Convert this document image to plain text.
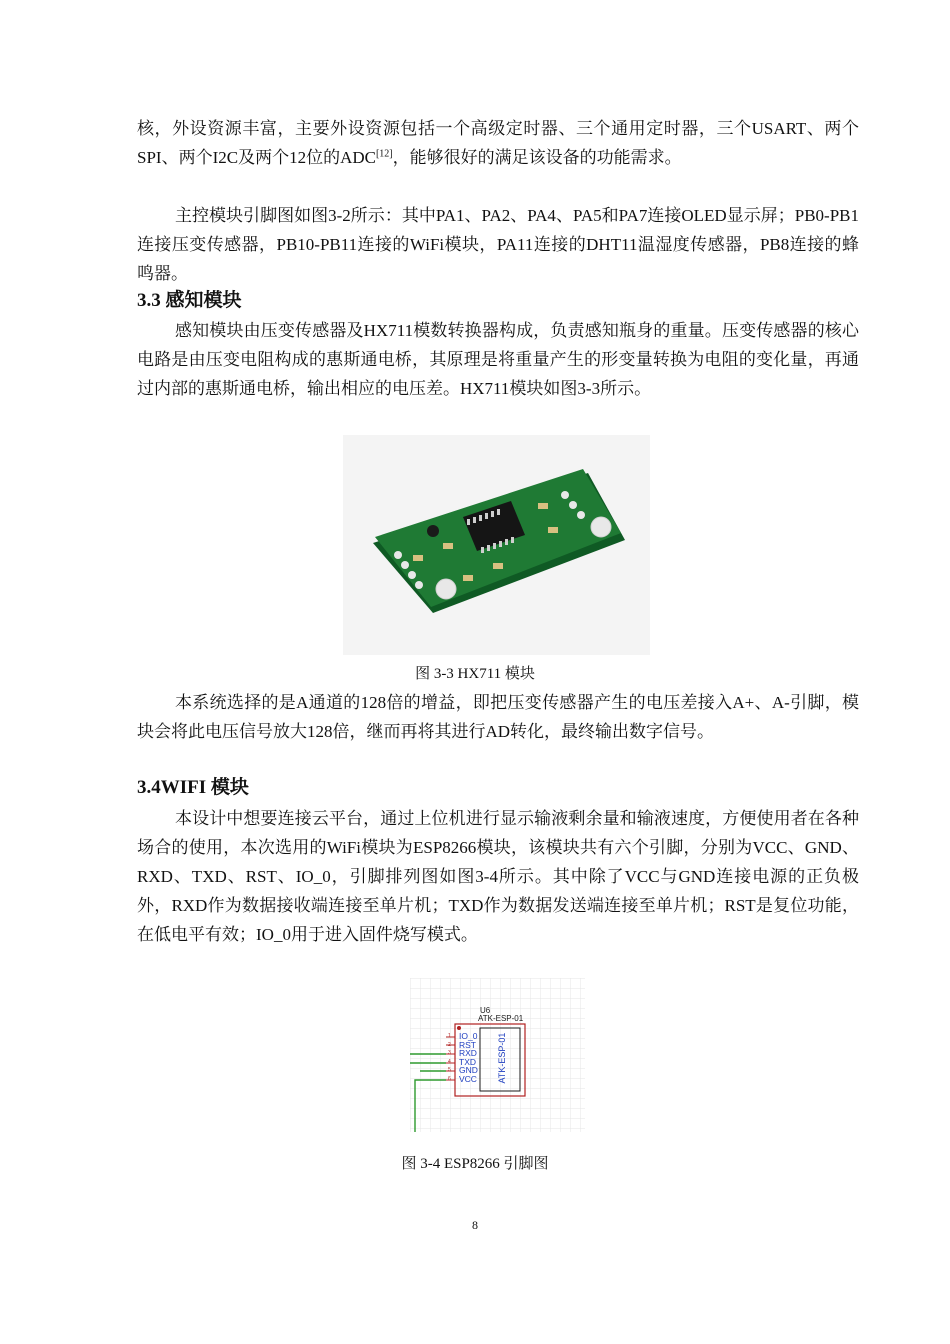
核，外设资源丰富，主要外设资源包括一个高级定时器、三个通用定时器，三个USART、两个SPI、两个I2C及两个12位的ADC[12]，能够很好的满足该设备的功能需求。

主控模块引脚图如图3-2所示：其中PA1、PA2、PA4、PA5和PA7连接OLED显示屏；PB0-PB1连接压变传感器，PB10-PB11连接的WiFi模块，PA11连接的DHT11温湿度传感器，PB8连接的蜂鸣器。

3.3 感知模块

感知模块由压变传感器及HX711模数转换器构成，负责感知瓶身的重量。压变传感器的核心电路是由压变电阻构成的惠斯通电桥，其原理是将重量产生的形变量转换为电阻的变化量，再通过内部的惠斯通电桥，输出相应的电压差。HX711模块如图3-3所示。

图 3-3 HX711 模块

本系统选择的是A通道的128倍的增益，即把压变传感器产生的电压差接入A+、A-引脚，模块会将此电压信号放大128倍，继而再将其进行AD转化，最终输出数字信号。

3.4WIFI 模块

本设计中想要连接云平台，通过上位机进行显示输液剩余量和输液速度，方便使用者在各种场合的使用，本次选用的WiFi模块为ESP8266模块，该模块共有六个引脚，分别为VCC、GND、RXD、TXD、RST、IO_0，引脚排列图如图3-4所示。其中除了VCC与GND连接电源的正负极外，RXD作为数据接收端连接至单片机；TXD作为数据发送端连接至单片机；RST是复位功能，在低电平有效；IO_0用于进入固件烧写模式。

U6
ATK-ESP-01
IO_0
RST
RXD
TXD
GND
VCC
1
2
3
4
5
6	ATK-ESP-01
图 3-4 ESP8266 引脚图
8
